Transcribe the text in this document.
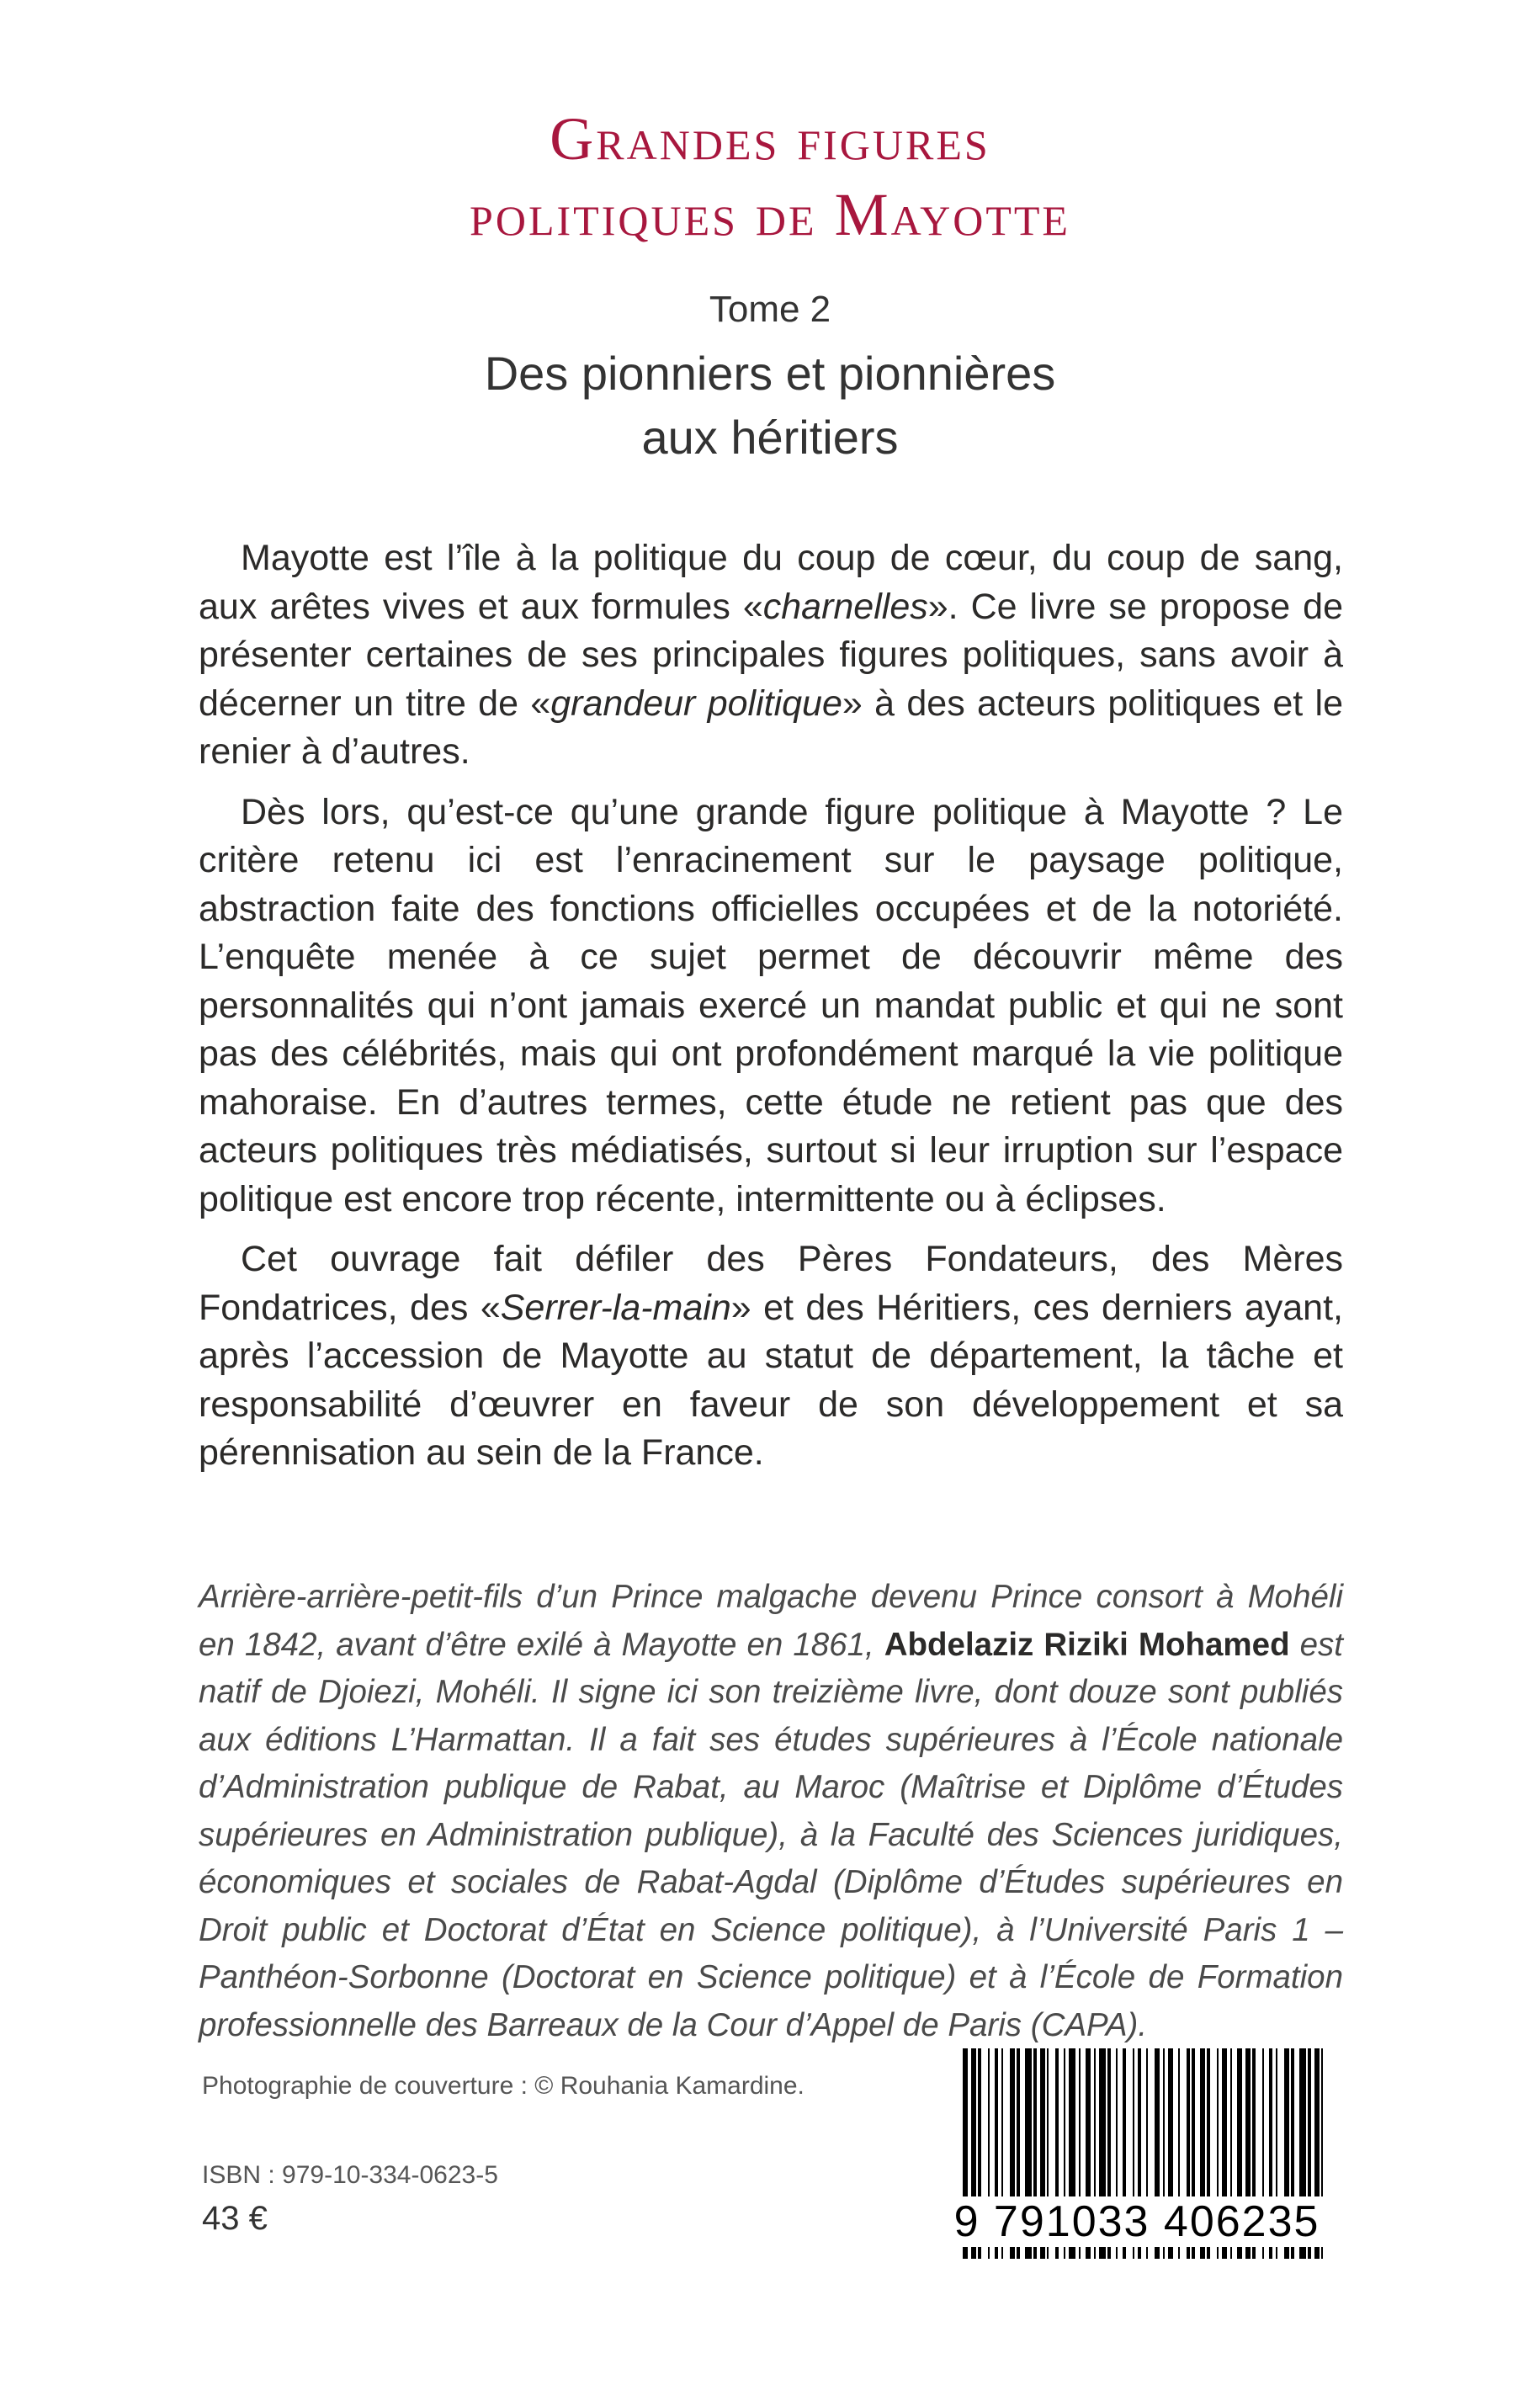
Grandes figures
politiques de Mayotte
Tome 2
Des pionniers et pionnières
aux héritiers

Mayotte est l’île à la politique du coup de cœur, du coup de sang, aux arêtes vives et aux formules «charnelles». Ce livre se propose de présenter certaines de ses principales figures politiques, sans avoir à décerner un titre de «grandeur politique» à des acteurs politiques et le renier à d’autres.

Dès lors, qu’est-ce qu’une grande figure politique à Mayotte ? Le critère retenu ici est l’enracinement sur le paysage politique, abstraction faite des fonctions officielles occupées et de la notoriété. L’enquête menée à ce sujet permet de découvrir même des personnalités qui n’ont jamais exercé un mandat public et qui ne sont pas des célébrités, mais qui ont profondément marqué la vie politique mahoraise. En d’autres termes, cette étude ne retient pas que des acteurs politiques très médiatisés, surtout si leur irruption sur l’espace politique est encore trop récente, intermittente ou à éclipses.

Cet ouvrage fait défiler des Pères Fondateurs, des Mères Fondatrices, des «Serrer-la-main» et des Héritiers, ces derniers ayant, après l’accession de Mayotte au statut de département, la tâche et responsabilité d’œuvrer en faveur de son développement et sa pérennisation au sein de la France.

Arrière-arrière-petit-fils d’un Prince malgache devenu Prince consort à Mohéli en 1842, avant d’être exilé à Mayotte en 1861, Abdelaziz Riziki Mohamed est natif de Djoiezi, Mohéli. Il signe ici son treizième livre, dont douze sont publiés aux éditions L’Harmattan. Il a fait ses études supérieures à l’École nationale d’Administration publique de Rabat, au Maroc (Maîtrise et Diplôme d’Études supérieures en Administration publique), à la Faculté des Sciences juridiques, économiques et sociales de Rabat-Agdal (Diplôme d’Études supérieures en Droit public et Doctorat d’État en Science politique), à l’Université Paris 1 – Panthéon-Sorbonne (Doctorat en Science politique) et à l’École de Formation professionnelle des Barreaux de la Cour d’Appel de Paris (CAPA).
Photographie de couverture : © Rouhania Kamardine.
ISBN : 979-10-334-0623-5
43 €	9 791033 406235
